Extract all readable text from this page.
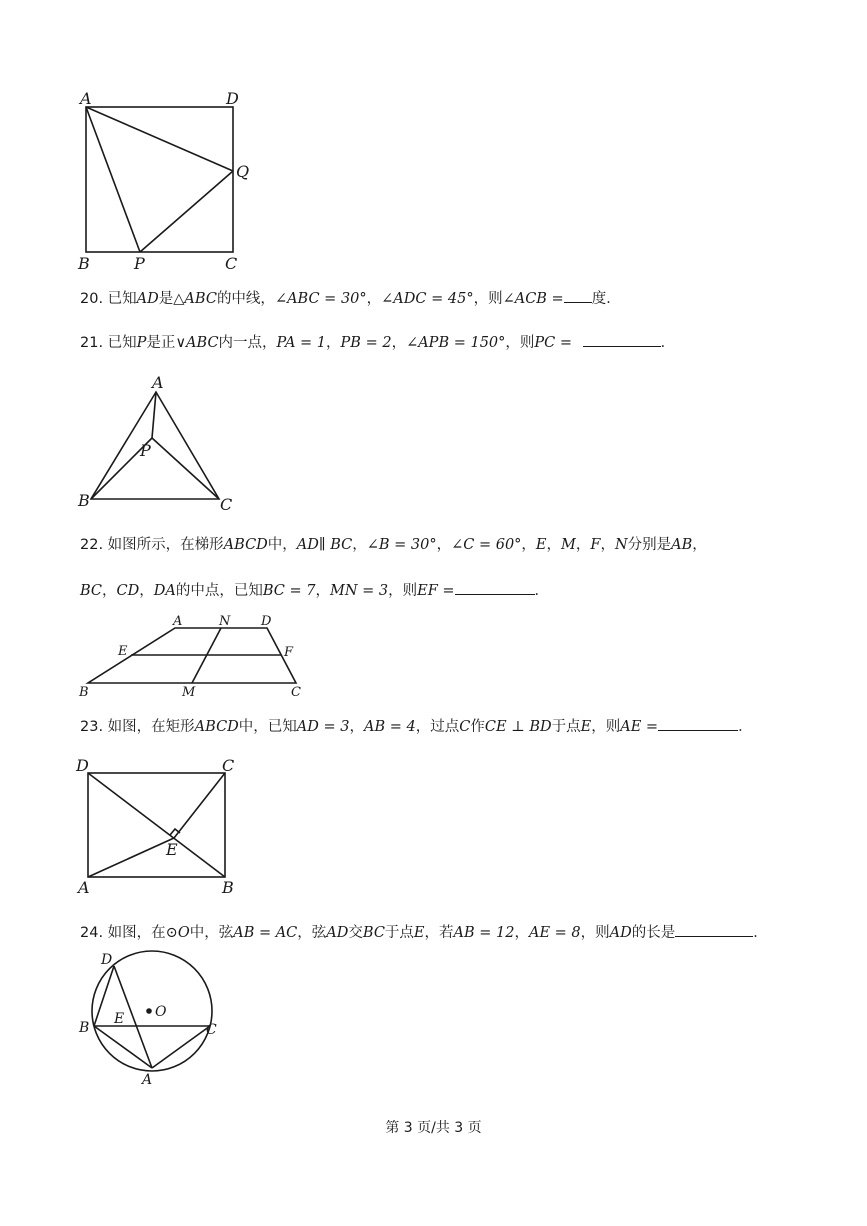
A	D
Q
B	P	C
20. 已知AD是△ABC的中线，∠ABC = 30°，∠ADC = 45°，则∠ACB = 度．
21. 已知P是正∨ABC内一点，PA = 1，PB = 2，∠APB = 150°，则PC =	．
A
P
B	C
22. 如图所示，在梯形ABCD中，AD∥ BC，∠B = 30°，∠C = 60°，E，M，F，N分别是AB，
BC，CD，DA的中点，已知BC = 7，MN = 3，则EF =	．
A	N D
E	F
B	M	C
23. 如图，在矩形ABCD中，已知AD = 3，AB = 4，过点C作CE ⊥ BD于点E，则AE =	．
D	C
E
A	B
24. 如图，在⊙O中，弦AB = AC，弦AD交BC于点E，若AB = 12，AE = 8，则AD的长是	．
D
O
B
E
C
A
第 3 页/共 3 页
